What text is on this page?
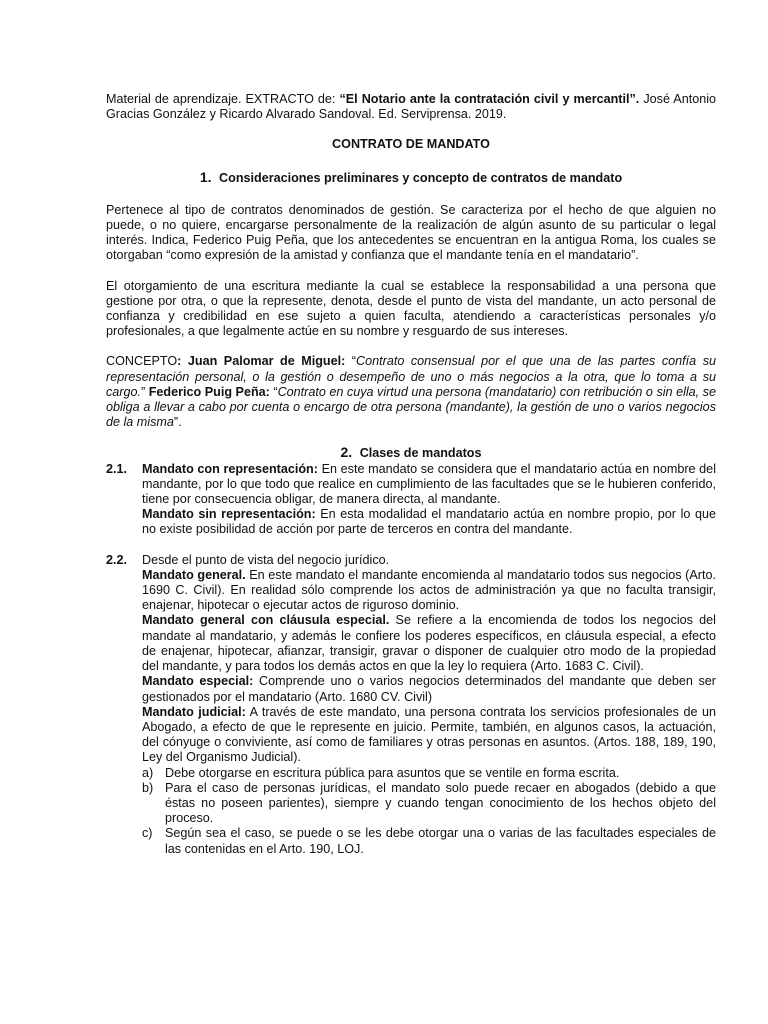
Material de aprendizaje. EXTRACTO de: “El Notario ante la contratación civil y mercantil”. José Antonio Gracias González y Ricardo Alvarado Sandoval. Ed. Serviprensa. 2019.

CONTRATO DE MANDATO

1. Consideraciones preliminares y concepto de contratos de mandato

Pertenece al tipo de contratos denominados de gestión. Se caracteriza por el hecho de que alguien no puede, o no quiere, encargarse personalmente de la realización de algún asunto de su particular o legal interés. Indica, Federico Puig Peña, que los antecedentes se encuentran en la antigua Roma, los cuales se otorgaban “como expresión de la amistad y confianza que el mandante tenía en el mandatario”.

El otorgamiento de una escritura mediante la cual se establece la responsabilidad a una persona que gestione por otra, o que la represente, denota, desde el punto de vista del mandante, un acto personal de confianza y credibilidad en ese sujeto a quien faculta, atendiendo a características personales y/o profesionales, a que legalmente actúe en su nombre y resguardo de sus intereses.

CONCEPTO: Juan Palomar de Miguel: “Contrato consensual por el que una de las partes confía su representación personal, o la gestión o desempeño de uno o más negocios a la otra, que lo toma a su cargo.” Federico Puig Peña: “Contrato en cuya virtud una persona (mandatario) con retribución o sin ella, se obliga a llevar a cabo por cuenta o encargo de otra persona (mandante), la gestión de uno o varios negocios de la misma”.

2. Clases de mandatos

2.1.	Mandato con representación: En este mandato se considera que el mandatario actúa en nombre del mandante, por lo que todo que realice en cumplimiento de las facultades que se le hubieren conferido, tiene por consecuencia obligar, de manera directa, al mandante.

Mandato sin representación: En esta modalidad el mandatario actúa en nombre propio, por lo que no existe posibilidad de acción por parte de terceros en contra del mandante.

2.2.	Desde el punto de vista del negocio jurídico.

Mandato general. En este mandato el mandante encomienda al mandatario todos sus negocios (Arto. 1690 C. Civil). En realidad sólo comprende los actos de administración ya que no faculta transigir, enajenar, hipotecar o ejecutar actos de riguroso dominio.

Mandato general con cláusula especial. Se refiere a la encomienda de todos los negocios del mandate al mandatario, y además le confiere los poderes específicos, en cláusula especial, a efecto de enajenar, hipotecar, afianzar, transigir, gravar o disponer de cualquier otro modo de la propiedad del mandante, y para todos los demás actos en que la ley lo requiera (Arto. 1683 C. Civil).

Mandato especial: Comprende uno o varios negocios determinados del mandante que deben ser gestionados por el mandatario (Arto. 1680 CV. Civil)

Mandato judicial: A través de este mandato, una persona contrata los servicios profesionales de un Abogado, a efecto de que le represente en juicio. Permite, también, en algunos casos, la actuación, del cónyuge o conviviente, así como de familiares y otras personas en asuntos. (Artos. 188, 189, 190, Ley del Organismo Judicial).

a) Debe otorgarse en escritura pública para asuntos que se ventile en forma escrita.
b) Para el caso de personas jurídicas, el mandato solo puede recaer en abogados (debido a que éstas no poseen parientes), siempre y cuando tengan conocimiento de los hechos objeto del proceso.
c) Según sea el caso, se puede o se les debe otorgar una o varias de las facultades especiales de las contenidas en el Arto. 190, LOJ.
